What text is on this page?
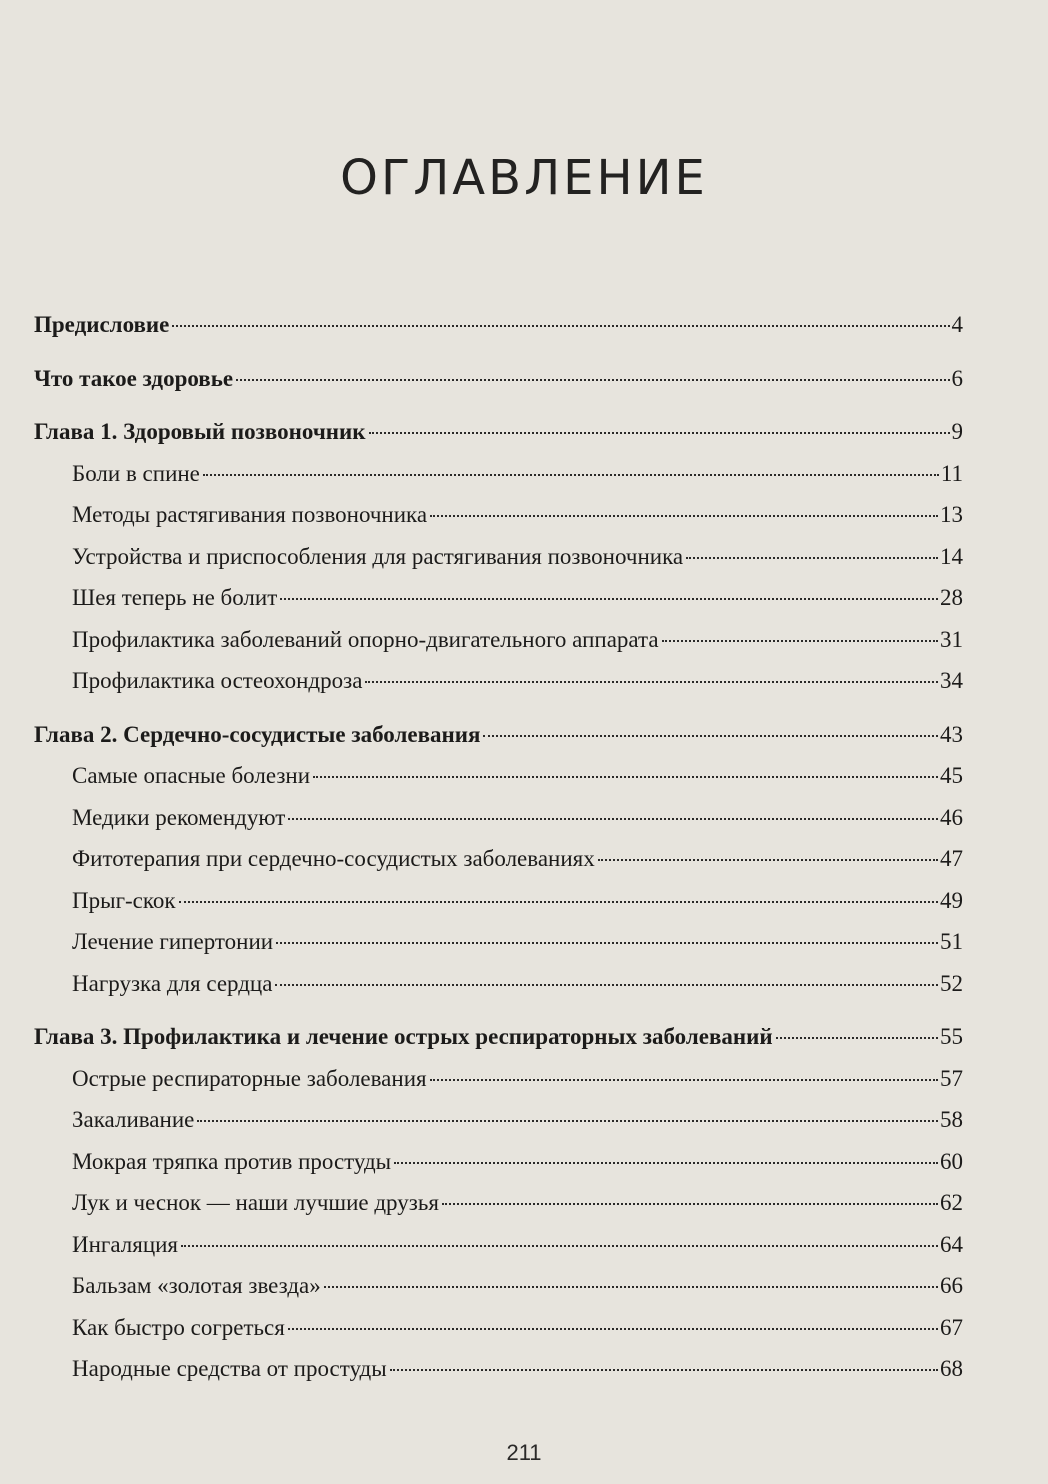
ОГЛАВЛЕНИЕ
Предисловие	4
Что такое здоровье	6
Глава 1. Здоровый позвоночник	9
Боли в спине	11
Методы растягивания позвоночника	13
Устройства и приспособления для растягивания позвоночника	14
Шея теперь не болит	28
Профилактика заболеваний опорно-двигательного аппарата	31
Профилактика остеохондроза	34
Глава 2. Сердечно-сосудистые заболевания	43
Самые опасные болезни	45
Медики рекомендуют	46
Фитотерапия при сердечно-сосудистых заболеваниях	47
Прыг-скок	49
Лечение гипертонии	51
Нагрузка для сердца	52
Глава 3. Профилактика и лечение острых респираторных заболеваний	55
Острые респираторные заболевания	57
Закаливание	58
Мокрая тряпка против простуды	60
Лук и чеснок — наши лучшие друзья	62
Ингаляция	64
Бальзам «золотая звезда»	66
Как быстро согреться	67
Народные средства от простуды	68
211
